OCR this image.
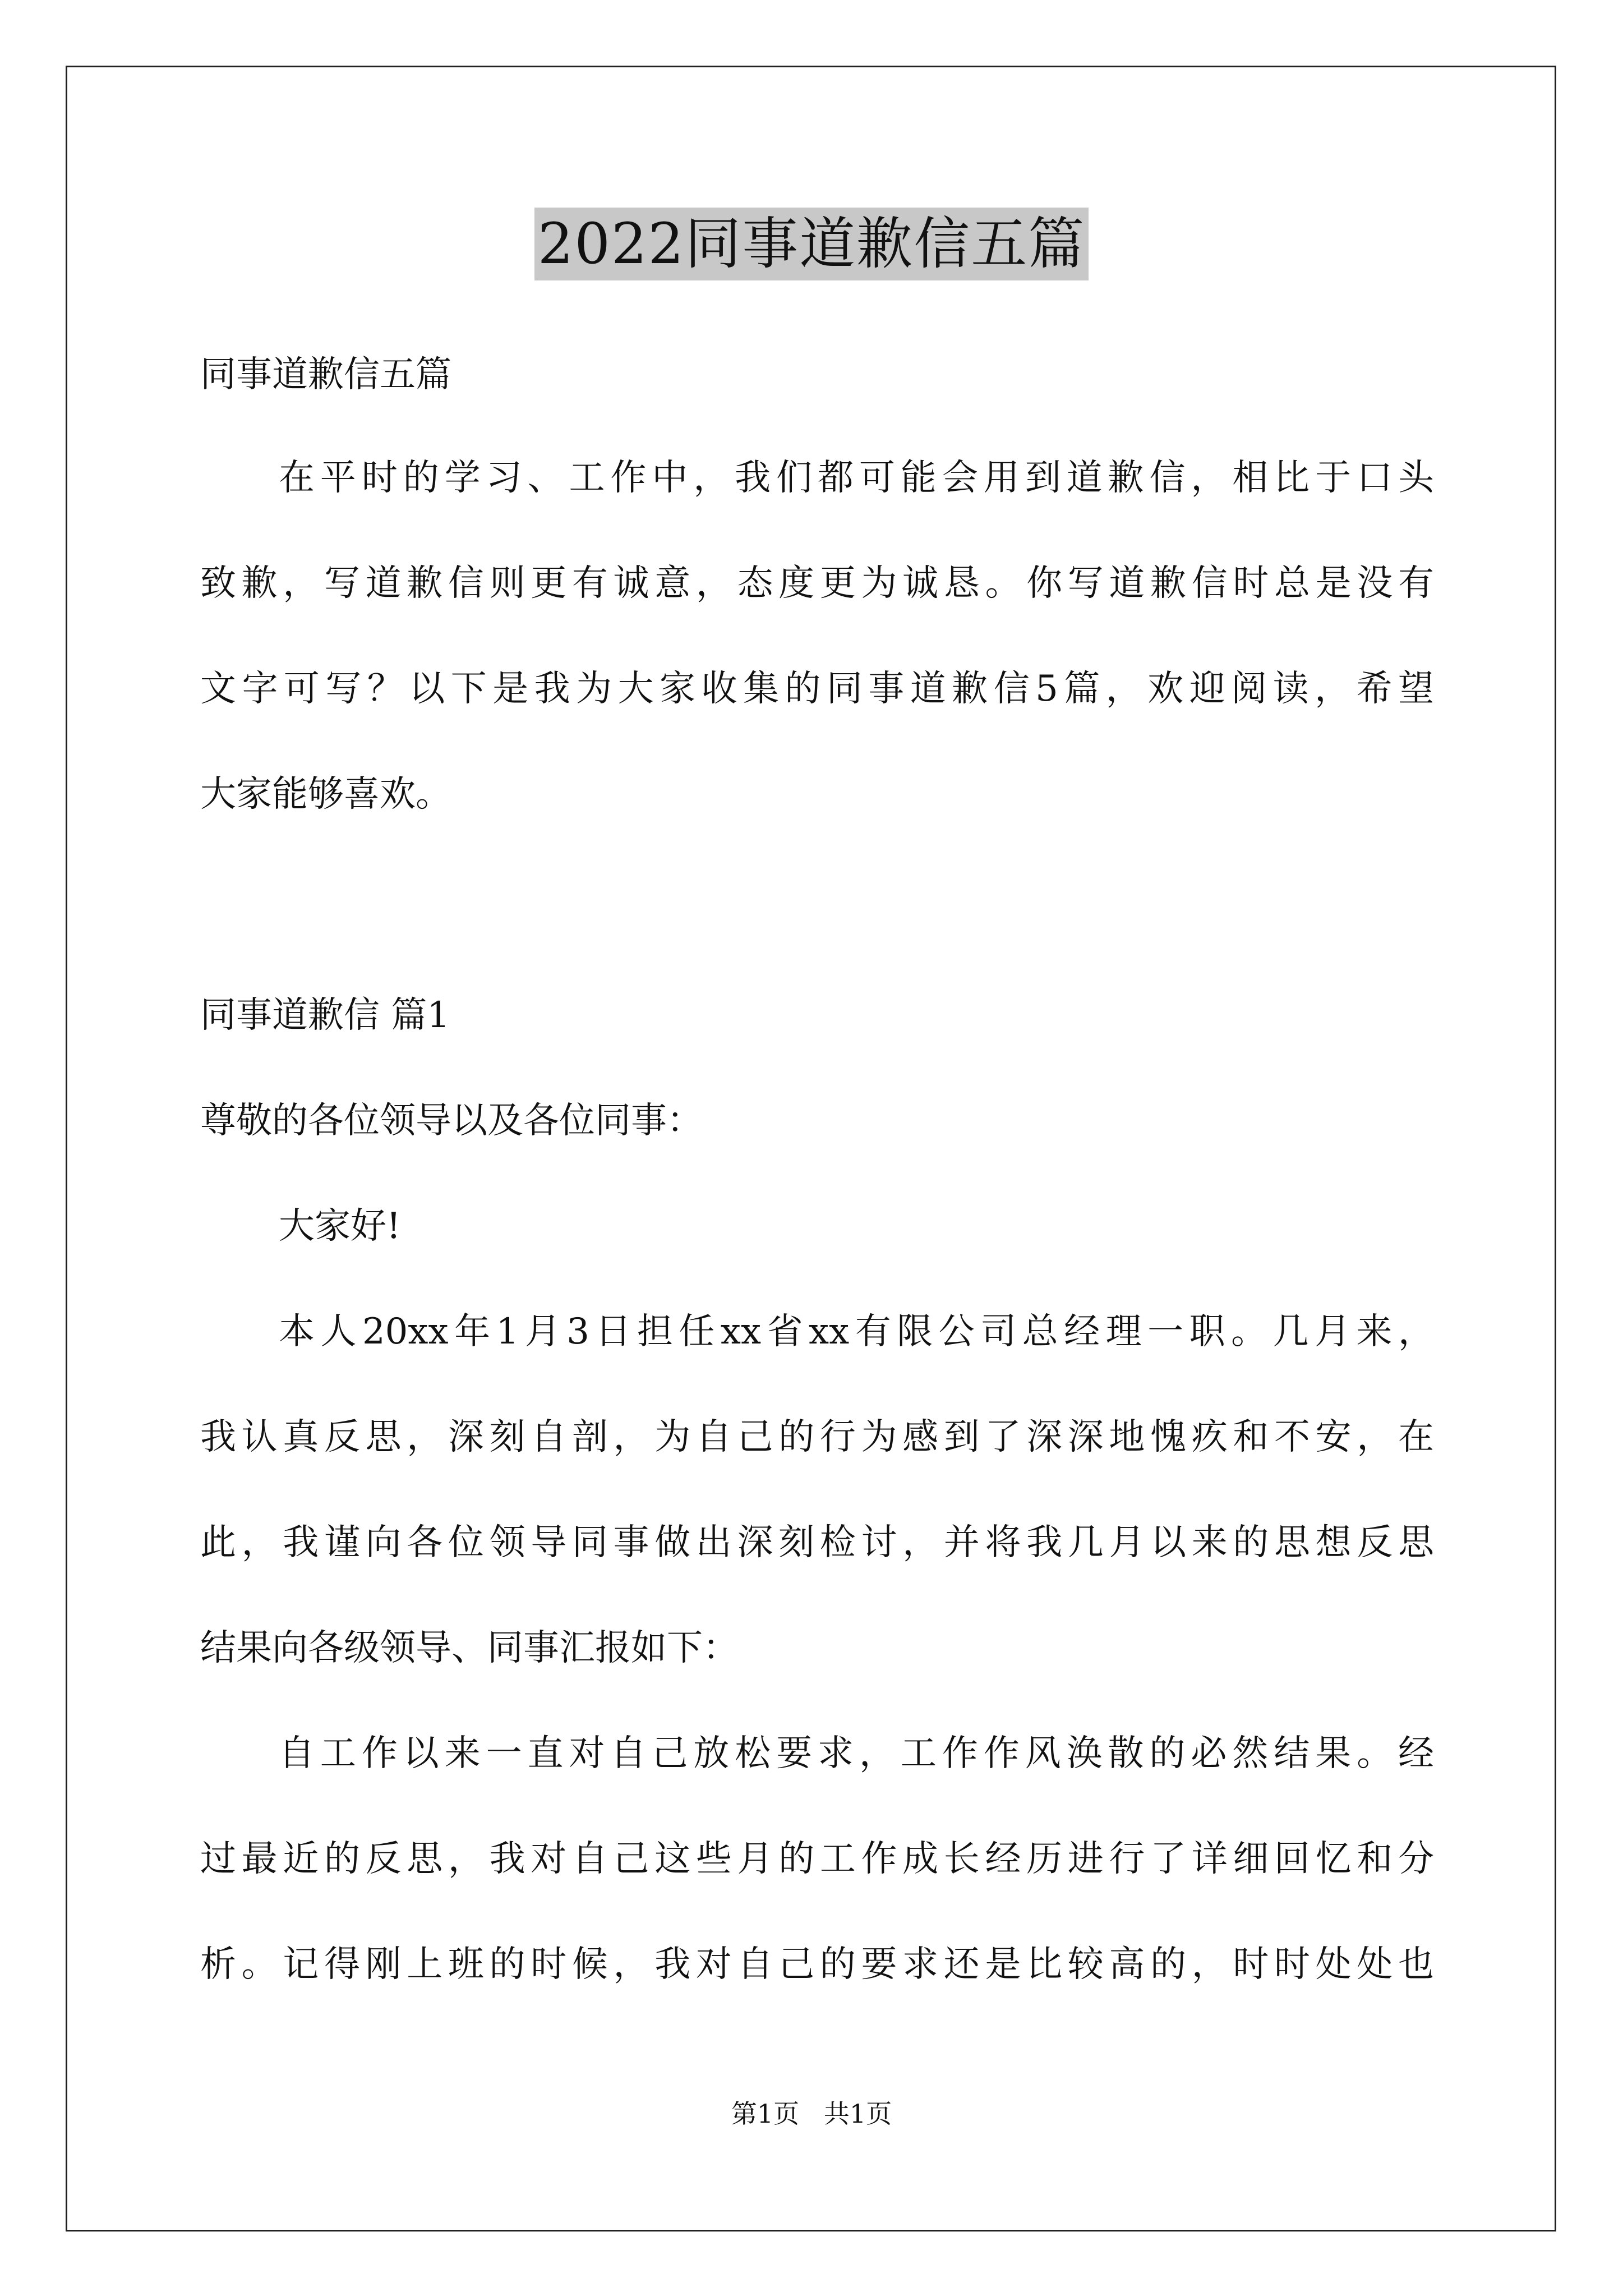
2022同事道歉信五篇
同事道歉信五篇
在平时的学习、工作中，我们都可能会用到道歉信，相比于口头
致歉，写道歉信则更有诚意，态度更为诚恳。你写道歉信时总是没有
文字可写？以下是我为大家收集的同事道歉信5篇，欢迎阅读，希望
大家能够喜欢。
同事道歉信 篇1
尊敬的各位领导以及各位同事：
大家好!
本人20xx年1月3日担任xx省xx有限公司总经理一职。几月来，
我认真反思，深刻自剖，为自己的行为感到了深深地愧疚和不安，在
此，我谨向各位领导同事做出深刻检讨，并将我几月以来的思想反思
结果向各级领导、同事汇报如下：
自工作以来一直对自己放松要求，工作作风涣散的必然结果。经
过最近的反思，我对自己这些月的工作成长经历进行了详细回忆和分
析。记得刚上班的时候，我对自己的要求还是比较高的，时时处处也
第1页   共1页
